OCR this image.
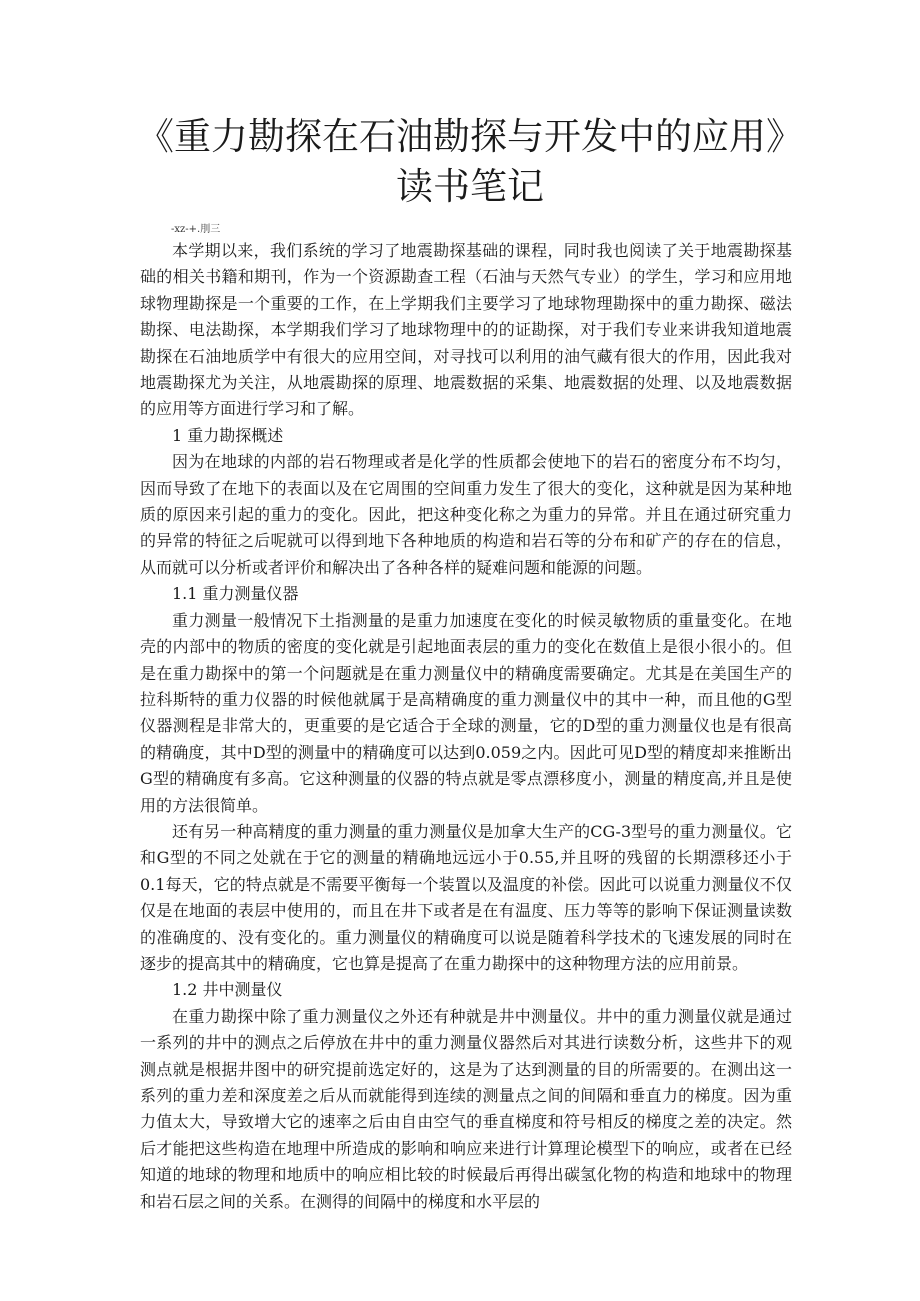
《重力勘探在石油勘探与开发中的应用》读书笔记
-xz-+.刖三

本学期以来，我们系统的学习了地震勘探基础的课程，同时我也阅读了关于地震勘探基础的相关书籍和期刊，作为一个资源勘查工程（石油与天然气专业）的学生，学习和应用地球物理勘探是一个重要的工作，在上学期我们主要学习了地球物理勘探中的重力勘探、磁法勘探、电法勘探，本学期我们学习了地球物理中的的证勘探，对于我们专业来讲我知道地震勘探在石油地质学中有很大的应用空间，对寻找可以利用的油气藏有很大的作用，因此我对地震勘探尤为关注，从地震勘探的原理、地震数据的采集、地震数据的处理、以及地震数据的应用等方面进行学习和了解。

1 重力勘探概述

因为在地球的内部的岩石物理或者是化学的性质都会使地下的岩石的密度分布不均匀，因而导致了在地下的表面以及在它周围的空间重力发生了很大的变化，这种就是因为某种地质的原因来引起的重力的变化。因此，把这种变化称之为重力的异常。并且在通过研究重力的异常的特征之后呢就可以得到地下各种地质的构造和岩石等的分布和矿产的存在的信息，从而就可以分析或者评价和解决出了各种各样的疑难问题和能源的问题。

1.1 重力测量仪器

重力测量一般情况下土指测量的是重力加速度在变化的时候灵敏物质的重量变化。在地壳的内部中的物质的密度的变化就是引起地面表层的重力的变化在数值上是很小很小的。但是在重力勘探中的第一个问题就是在重力测量仪中的精确度需要确定。尤其是在美国生产的拉科斯特的重力仪器的时候他就属于是高精确度的重力测量仪中的其中一种，而且他的G型仪器测程是非常大的，更重要的是它适合于全球的测量，它的D型的重力测量仪也是有很高的精确度，其中D型的测量中的精确度可以达到0.059之内。因此可见D型的精度却来推断出G型的精确度有多高。它这种测量的仪器的特点就是零点漂移度小，测量的精度高,并且是使用的方法很简单。

还有另一种高精度的重力测量的重力测量仪是加拿大生产的CG-3型号的重力测量仪。它和G型的不同之处就在于它的测量的精确地远远小于0.55,并且呀的残留的长期漂移还小于0.1每天，它的特点就是不需要平衡每一个装置以及温度的补偿。因此可以说重力测量仪不仅仅是在地面的表层中使用的，而且在井下或者是在有温度、压力等等的影响下保证测量读数的准确度的、没有变化的。重力测量仪的精确度可以说是随着科学技术的飞速发展的同时在逐步的提高其中的精确度，它也算是提高了在重力勘探中的这种物理方法的应用前景。

1.2 井中测量仪

在重力勘探中除了重力测量仪之外还有种就是井中测量仪。井中的重力测量仪就是通过一系列的井中的测点之后停放在井中的重力测量仪器然后对其进行读数分析，这些井下的观测点就是根据井图中的研究提前选定好的，这是为了达到测量的目的所需要的。在测出这一系列的重力差和深度差之后从而就能得到连续的测量点之间的间隔和垂直力的梯度。因为重力值太大，导致增大它的速率之后由自由空气的垂直梯度和符号相反的梯度之差的决定。然后才能把这些构造在地理中所造成的影响和响应来进行计算理论模型下的响应，或者在已经知道的地球的物理和地质中的响应相比较的时候最后再得出碳氢化物的构造和地球中的物理和岩石层之间的关系。在测得的间隔中的梯度和水平层的
